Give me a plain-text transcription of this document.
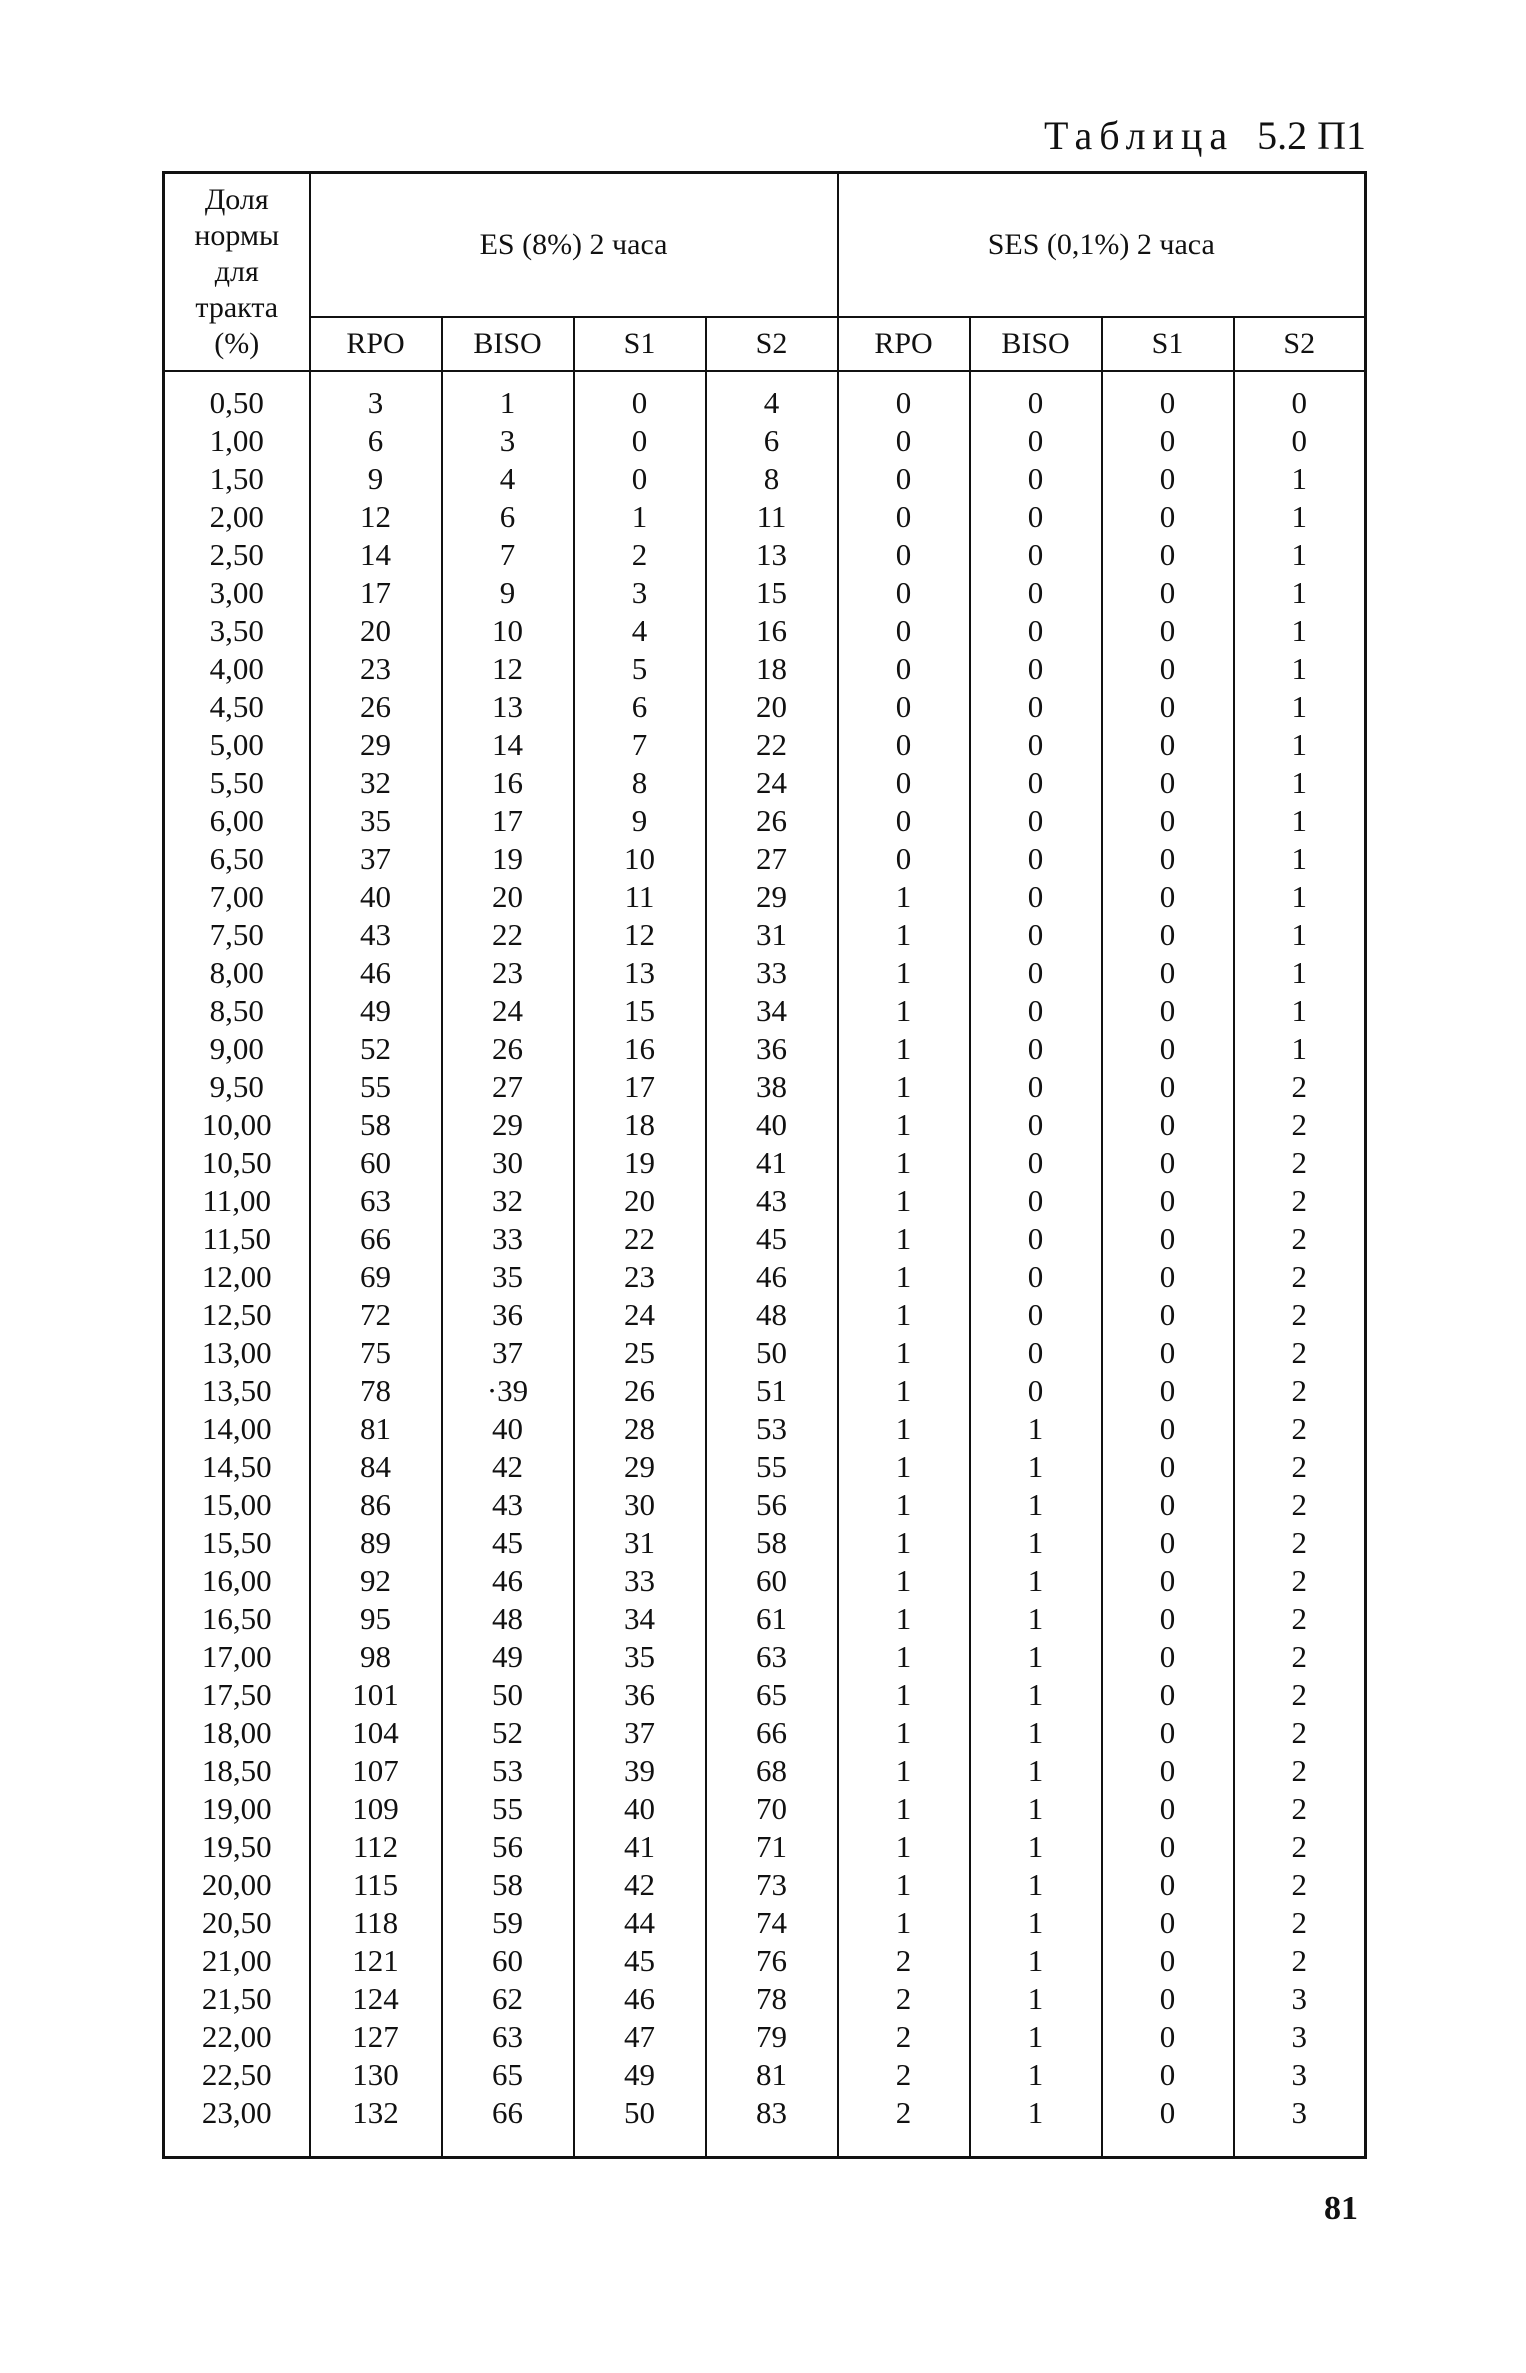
Таблица 5.2 П1
Доля
нормы
для
тракта
(%)	ES (8%) 2 часа				SES (0,1%) 2 часа			
	RPO	BISO	S1	S2	RPO	BISO	S1	S2
0,50	3	1	0	4	0	0	0	0
1,00	6	3	0	6	0	0	0	0
1,50	9	4	0	8	0	0	0	1
2,00	12	6	1	11	0	0	0	1
2,50	14	7	2	13	0	0	0	1
3,00	17	9	3	15	0	0	0	1
3,50	20	10	4	16	0	0	0	1
4,00	23	12	5	18	0	0	0	1
4,50	26	13	6	20	0	0	0	1
5,00	29	14	7	22	0	0	0	1
5,50	32	16	8	24	0	0	0	1
6,00	35	17	9	26	0	0	0	1
6,50	37	19	10	27	0	0	0	1
7,00	40	20	11	29	1	0	0	1
7,50	43	22	12	31	1	0	0	1
8,00	46	23	13	33	1	0	0	1
8,50	49	24	15	34	1	0	0	1
9,00	52	26	16	36	1	0	0	1
9,50	55	27	17	38	1	0	0	2
10,00	58	29	18	40	1	0	0	2
10,50	60	30	19	41	1	0	0	2
11,00	63	32	20	43	1	0	0	2
11,50	66	33	22	45	1	0	0	2
12,00	69	35	23	46	1	0	0	2
12,50	72	36	24	48	1	0	0	2
13,00	75	37	25	50	1	0	0	2
13,50	78	·39	26	51	1	0	0	2
14,00	81	40	28	53	1	1	0	2
14,50	84	42	29	55	1	1	0	2
15,00	86	43	30	56	1	1	0	2
15,50	89	45	31	58	1	1	0	2
16,00	92	46	33	60	1	1	0	2
16,50	95	48	34	61	1	1	0	2
17,00	98	49	35	63	1	1	0	2
17,50	101	50	36	65	1	1	0	2
18,00	104	52	37	66	1	1	0	2
18,50	107	53	39	68	1	1	0	2
19,00	109	55	40	70	1	1	0	2
19,50	112	56	41	71	1	1	0	2
20,00	115	58	42	73	1	1	0	2
20,50	118	59	44	74	1	1	0	2
21,00	121	60	45	76	2	1	0	2
21,50	124	62	46	78	2	1	0	3
22,00	127	63	47	79	2	1	0	3
22,50	130	65	49	81	2	1	0	3
23,00	132	66	50	83	2	1	0	3
81
